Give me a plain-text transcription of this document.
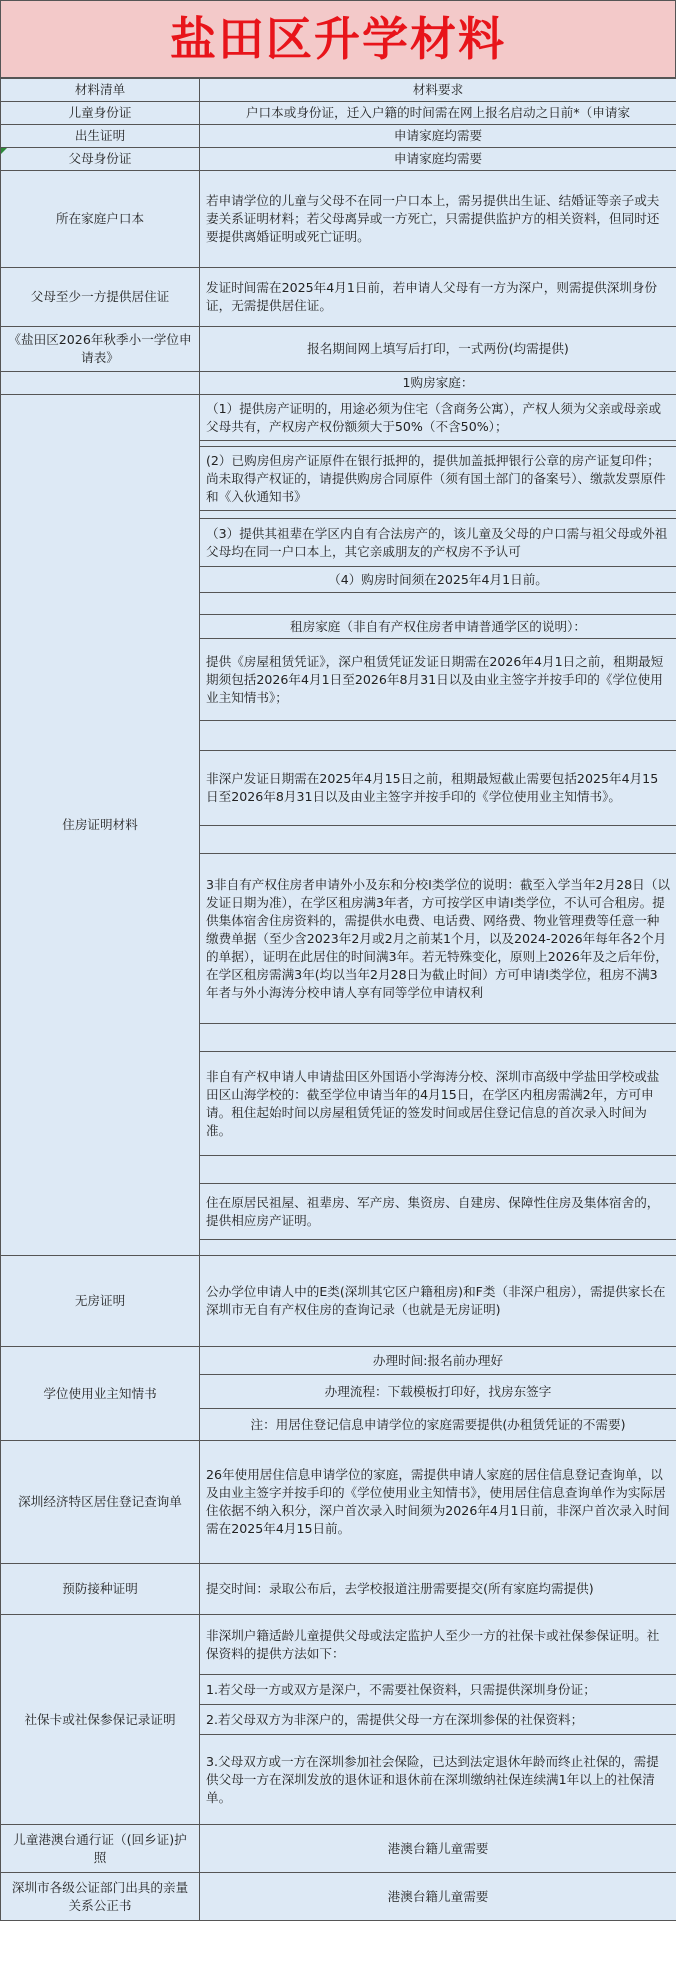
盐田区升学材料
材料清单	材料要求
儿童身份证	户口本或身份证，迁入户籍的时间需在网上报名启动之日前*（申请家
出生证明	申请家庭均需要

父母身份证	申请家庭均需要
所在家庭户口本	若申请学位的儿童与父母不在同一户口本上，需另提供出生证、结婚证等亲子或夫妻关系证明材料；若父母离异或一方死亡，只需提供监护方的相关资料，但同时还要提供离婚证明或死亡证明。
父母至少一方提供居住证	发证时间需在2025年4月1日前，若申请人父母有一方为深户，则需提供深圳身份证，无需提供居住证。
《盐田区2026年秋季小一学位申请表》	报名期间网上填写后打印，一式两份(均需提供)
	1购房家庭：
住房证明材料	（1）提供房产证明的，用途必须为住宅（含商务公寓），产权人须为父亲或母亲或父母共有，产权房产权份额须大于50%（不含50%）；

	(2）已购房但房产证原件在银行抵押的，提供加盖抵押银行公章的房产证复印件；尚未取得产权证的，请提供购房合同原件（须有国土部门的备案号）、缴款发票原件和《入伙通知书》

	（3）提供其祖辈在学区内自有合法房产的，该儿童及父母的户口需与祖父母或外祖父母均在同一户口本上，其它亲戚朋友的产权房不予认可
	（4）购房时间须在2025年4月1日前。

	租房家庭（非自有产权住房者申请普通学区的说明）：
	提供《房屋租赁凭证》，深户租赁凭证发证日期需在2026年4月1日之前，租期最短期须包括2026年4月1日至2026年8月31日以及由业主签字并按手印的《学位使用业主知情书》；

	非深户发证日期需在2025年4月15日之前，租期最短截止需要包括2025年4月15日至2026年8月31日以及由业主签字并按手印的《学位使用业主知情书》。

	3非自有产权住房者申请外小及东和分校I类学位的说明：截至入学当年2月28日（以发证日期为准），在学区租房满3年者，方可按学区申请I类学位，不认可合租房。提供集体宿舍住房资料的，需提供水电费、电话费、网络费、物业管理费等任意一种缴费单据（至少含2023年2月或2月之前某1个月，以及2024-2026年每年各2个月的单据），证明在此居住的时间满3年。若无特殊变化，原则上2026年及之后年份，在学区租房需满3年(均以当年2月28日为截止时间）方可申请I类学位，租房不满3年者与外小海涛分校申请人享有同等学位申请权利

	非自有产权申请人申请盐田区外国语小学海涛分校、深圳市高级中学盐田学校或盐田区山海学校的：截至学位申请当年的4月15日，在学区内租房需满2年，方可申请。租住起始时间以房屋租赁凭证的签发时间或居住登记信息的首次录入时间为准。

	住在原居民祖屋、祖辈房、军产房、集资房、自建房、保障性住房及集体宿舍的，提供相应房产证明。

无房证明	公办学位申请人中的E类(深圳其它区户籍租房)和F类（非深户租房），需提供家长在深圳市无自有产权住房的查询记录（也就是无房证明)
学位使用业主知情书	办理时间:报名前办理好
	办理流程：下载模板打印好，找房东签字
	注：用居住登记信息申请学位的家庭需要提供(办租赁凭证的不需要)
深圳经济特区居住登记查询单	26年使用居住信息申请学位的家庭，需提供申请人家庭的居住信息登记查询单，以及由业主签字并按手印的《学位使用业主知情书》，使用居住信息查询单作为实际居住依据不纳入积分，深户首次录入时间须为2026年4月1日前，非深户首次录入时间需在2025年4月15日前。
预防接种证明	提交时间：录取公布后，去学校报道注册需要提交(所有家庭均需提供)
社保卡或社保参保记录证明	非深圳户籍适龄儿童提供父母或法定监护人至少一方的社保卡或社保参保证明。社保资料的提供方法如下：
	1.若父母一方或双方是深户，不需要社保资料，只需提供深圳身份证；
	2.若父母双方为非深户的，需提供父母一方在深圳参保的社保资料；
	3.父母双方或一方在深圳参加社会保险，已达到法定退休年龄而终止社保的，需提供父母一方在深圳发放的退休证和退休前在深圳缴纳社保连续满1年以上的社保清单。
儿童港澳台通行证（(回乡证)护照	港澳台籍儿童需要
深圳市各级公证部门出具的亲量关系公正书	港澳台籍儿童需要
